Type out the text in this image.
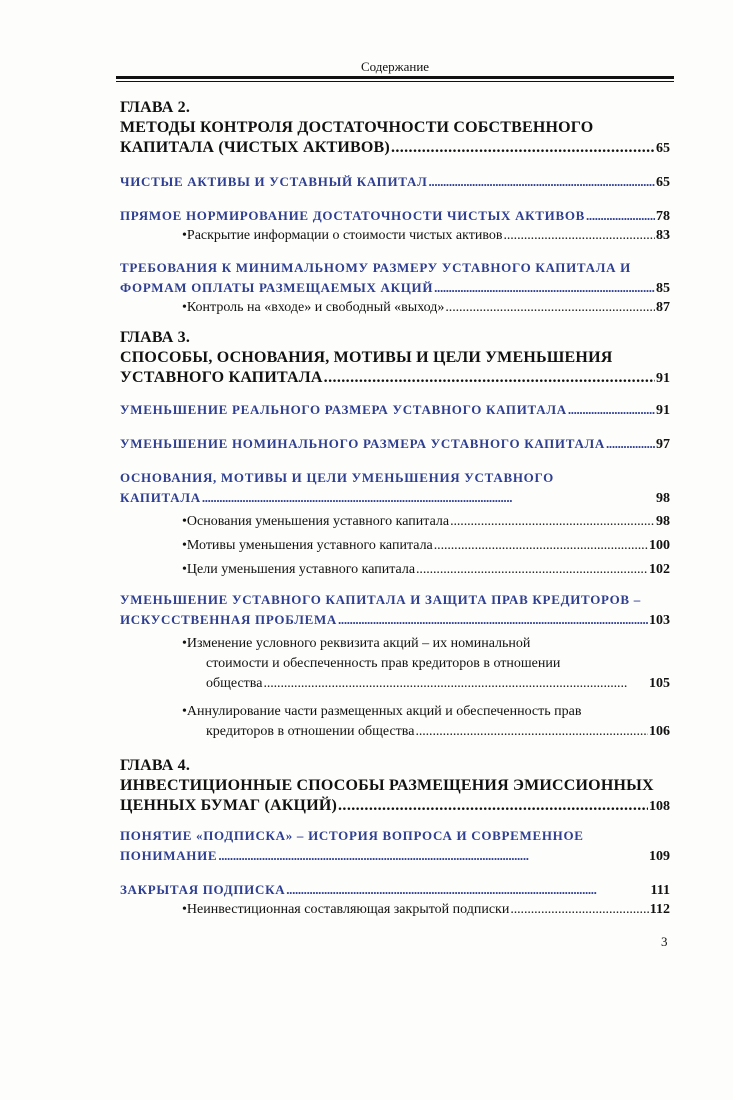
Содержание
ГЛАВА 2.
МЕТОДЫ КОНТРОЛЯ ДОСТАТОЧНОСТИ СОБСТВЕННОГО
КАПИТАЛА (ЧИСТЫХ АКТИВОВ) . . .	65
ЧИСТЫЕ АКТИВЫ И УСТАВНЫЙ КАПИТАЛ . . .	65
ПРЯМОЕ НОРМИРОВАНИЕ ДОСТАТОЧНОСТИ ЧИСТЫХ АКТИВОВ . . .	78
•Раскрытие информации о стоимости чистых активов . . .	83
ТРЕБОВАНИЯ К МИНИМАЛЬНОМУ РАЗМЕРУ УСТАВНОГО КАПИТАЛА И
ФОРМАМ ОПЛАТЫ РАЗМЕЩАЕМЫХ АКЦИЙ . . .	85
•Контроль на «входе» и свободный «выход» . . .	87
ГЛАВА 3.
СПОСОБЫ, ОСНОВАНИЯ, МОТИВЫ И ЦЕЛИ УМЕНЬШЕНИЯ
УСТАВНОГО КАПИТАЛА . . .	91
УМЕНЬШЕНИЕ РЕАЛЬНОГО РАЗМЕРА УСТАВНОГО КАПИТАЛА . . .	91
УМЕНЬШЕНИЕ НОМИНАЛЬНОГО РАЗМЕРА УСТАВНОГО КАПИТАЛА . . .	97
ОСНОВАНИЯ, МОТИВЫ И ЦЕЛИ УМЕНЬШЕНИЯ УСТАВНОГО
КАПИТАЛА . . .	98
•Основания уменьшения уставного капитала . . .	98
•Мотивы уменьшения уставного капитала . . .	100
•Цели уменьшения уставного капитала . . .	102
УМЕНЬШЕНИЕ УСТАВНОГО КАПИТАЛА И ЗАЩИТА ПРАВ КРЕДИТОРОВ –
ИСКУССТВЕННАЯ ПРОБЛЕМА . . .	103
•Изменение условного реквизита акций – их номинальной
стоимости и обеспеченность прав кредиторов в отношении
общества . . .	105
•Аннулирование части размещенных акций и обеспеченность прав
кредиторов в отношении общества . . .	106
ГЛАВА 4.
ИНВЕСТИЦИОННЫЕ СПОСОБЫ РАЗМЕЩЕНИЯ ЭМИССИОННЫХ
ЦЕННЫХ БУМАГ (АКЦИЙ) . . .	108
ПОНЯТИЕ «ПОДПИСКА» – ИСТОРИЯ ВОПРОСА И СОВРЕМЕННОЕ
ПОНИМАНИЕ . . .	109
ЗАКРЫТАЯ ПОДПИСКА . . .	111
•Неинвестиционная составляющая закрытой подписки . . .	112
3
